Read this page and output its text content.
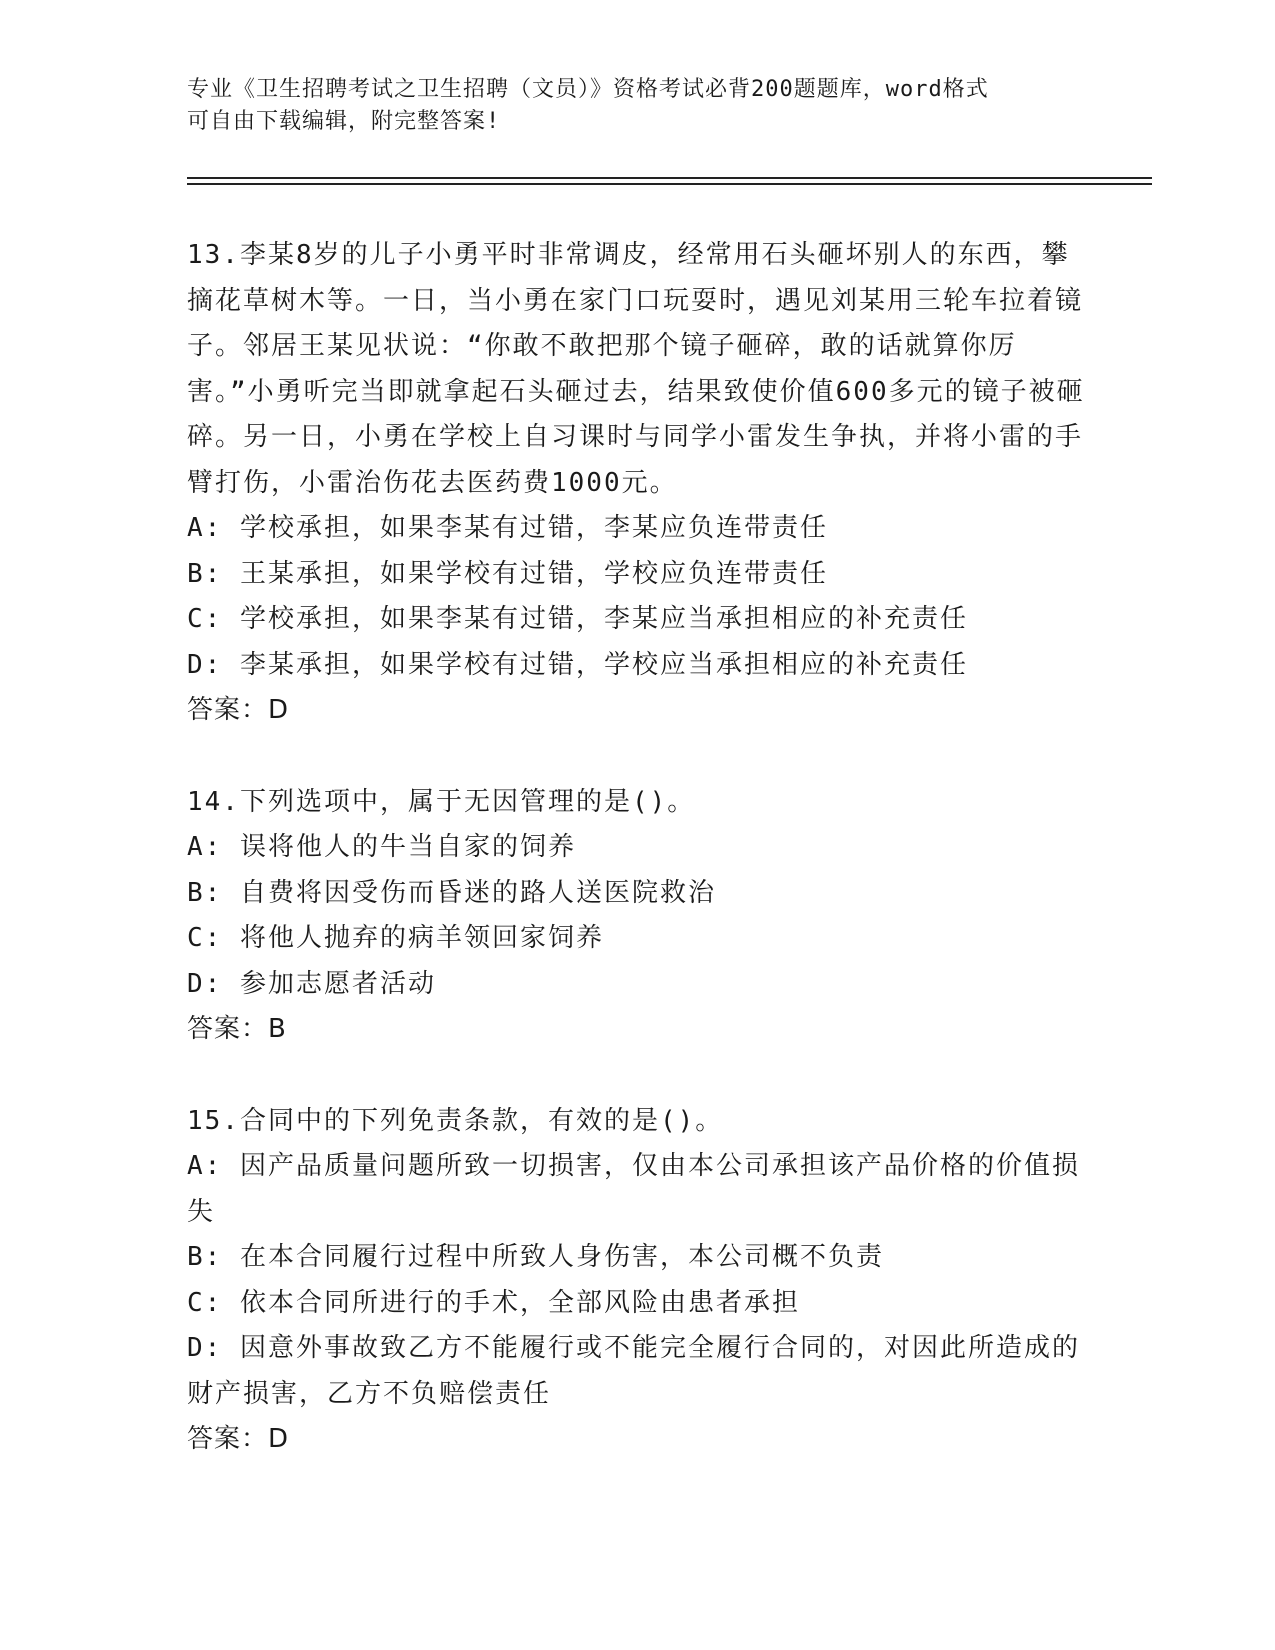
专业《卫生招聘考试之卫生招聘（文员）》资格考试必背200题题库，word格式
可自由下载编辑，附完整答案!

13.李某8岁的儿子小勇平时非常调皮，经常用石头砸坏别人的东西，攀摘花草树木等。一日，当小勇在家门口玩耍时，遇见刘某用三轮车拉着镜子。邻居王某见状说：“你敢不敢把那个镜子砸碎，敢的话就算你厉害。”小勇听完当即就拿起石头砸过去，结果致使价值600多元的镜子被砸碎。另一日，小勇在学校上自习课时与同学小雷发生争执，并将小雷的手臂打伤，小雷治伤花去医药费1000元。

A: 学校承担，如果李某有过错，李某应负连带责任

B: 王某承担，如果学校有过错，学校应负连带责任

C: 学校承担，如果李某有过错，李某应当承担相应的补充责任

D: 李某承担，如果学校有过错，学校应当承担相应的补充责任

答案：D

14.下列选项中，属于无因管理的是()。

A: 误将他人的牛当自家的饲养

B: 自费将因受伤而昏迷的路人送医院救治

C: 将他人抛弃的病羊领回家饲养

D: 参加志愿者活动

答案：B

15.合同中的下列免责条款，有效的是()。

A: 因产品质量问题所致一切损害，仅由本公司承担该产品价格的价值损失

B: 在本合同履行过程中所致人身伤害，本公司概不负责

C: 依本合同所进行的手术，全部风险由患者承担

D: 因意外事故致乙方不能履行或不能完全履行合同的，对因此所造成的财产损害，乙方不负赔偿责任

答案：D
